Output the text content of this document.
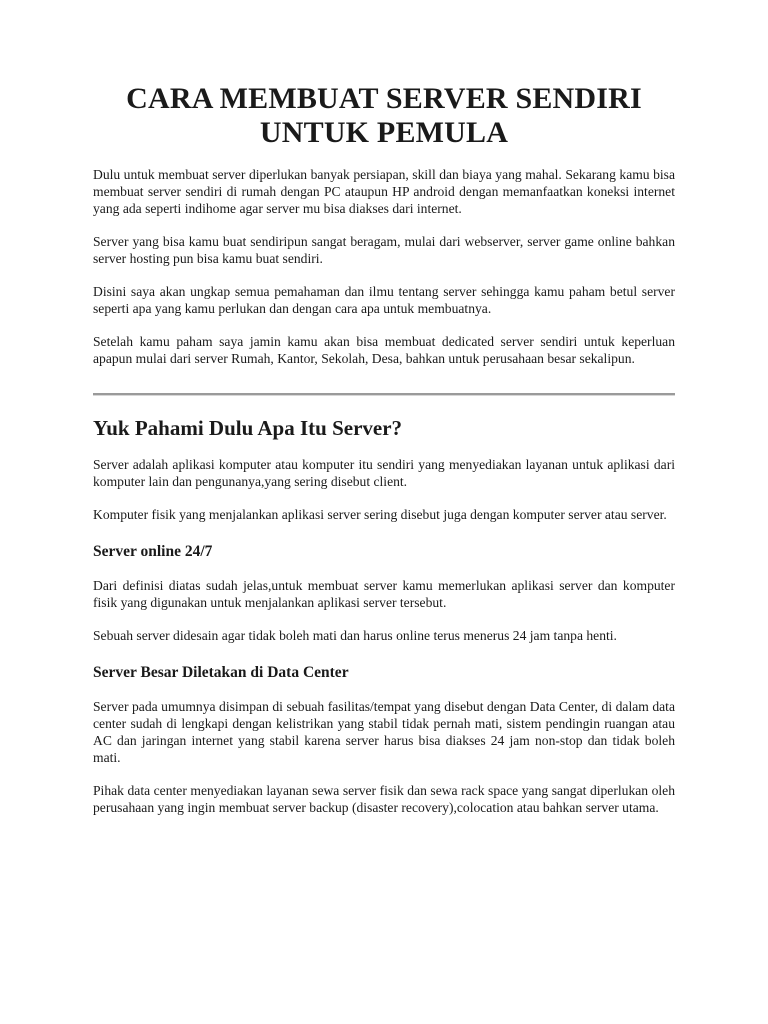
CARA MEMBUAT SERVER SENDIRI
UNTUK PEMULA

Dulu untuk membuat server diperlukan banyak persiapan, skill dan biaya yang mahal. Sekarang kamu bisa membuat server sendiri di rumah dengan PC ataupun HP android dengan memanfaatkan koneksi internet yang ada seperti indihome agar server mu bisa diakses dari internet.

Server yang bisa kamu buat sendiripun sangat beragam, mulai dari webserver, server game online bahkan server hosting pun bisa kamu buat sendiri.

Disini saya akan ungkap semua pemahaman dan ilmu tentang server sehingga kamu paham betul server seperti apa yang kamu perlukan dan dengan cara apa untuk membuatnya.

Setelah kamu paham saya jamin kamu akan bisa membuat dedicated server sendiri untuk keperluan apapun mulai dari server Rumah, Kantor, Sekolah, Desa, bahkan untuk perusahaan besar sekalipun.

Yuk Pahami Dulu Apa Itu Server?

Server adalah aplikasi komputer atau komputer itu sendiri yang menyediakan layanan untuk aplikasi dari komputer lain dan pengunanya,yang sering disebut client.

Komputer fisik yang menjalankan aplikasi server sering disebut juga dengan komputer server atau server.

Server online 24/7

Dari definisi diatas sudah jelas,untuk membuat server kamu memerlukan aplikasi server dan komputer fisik yang digunakan untuk menjalankan aplikasi server tersebut.

Sebuah server didesain agar tidak boleh mati dan harus online terus menerus 24 jam tanpa henti.

Server Besar Diletakan di Data Center

Server pada umumnya disimpan di sebuah fasilitas/tempat yang disebut dengan Data Center, di dalam data center sudah di lengkapi dengan kelistrikan yang stabil tidak pernah mati, sistem pendingin ruangan atau AC dan jaringan internet yang stabil karena server harus bisa diakses 24 jam non-stop dan tidak boleh mati.

Pihak data center menyediakan layanan sewa server fisik dan sewa rack space yang sangat diperlukan oleh perusahaan yang ingin membuat server backup (disaster recovery),colocation atau bahkan server utama.
